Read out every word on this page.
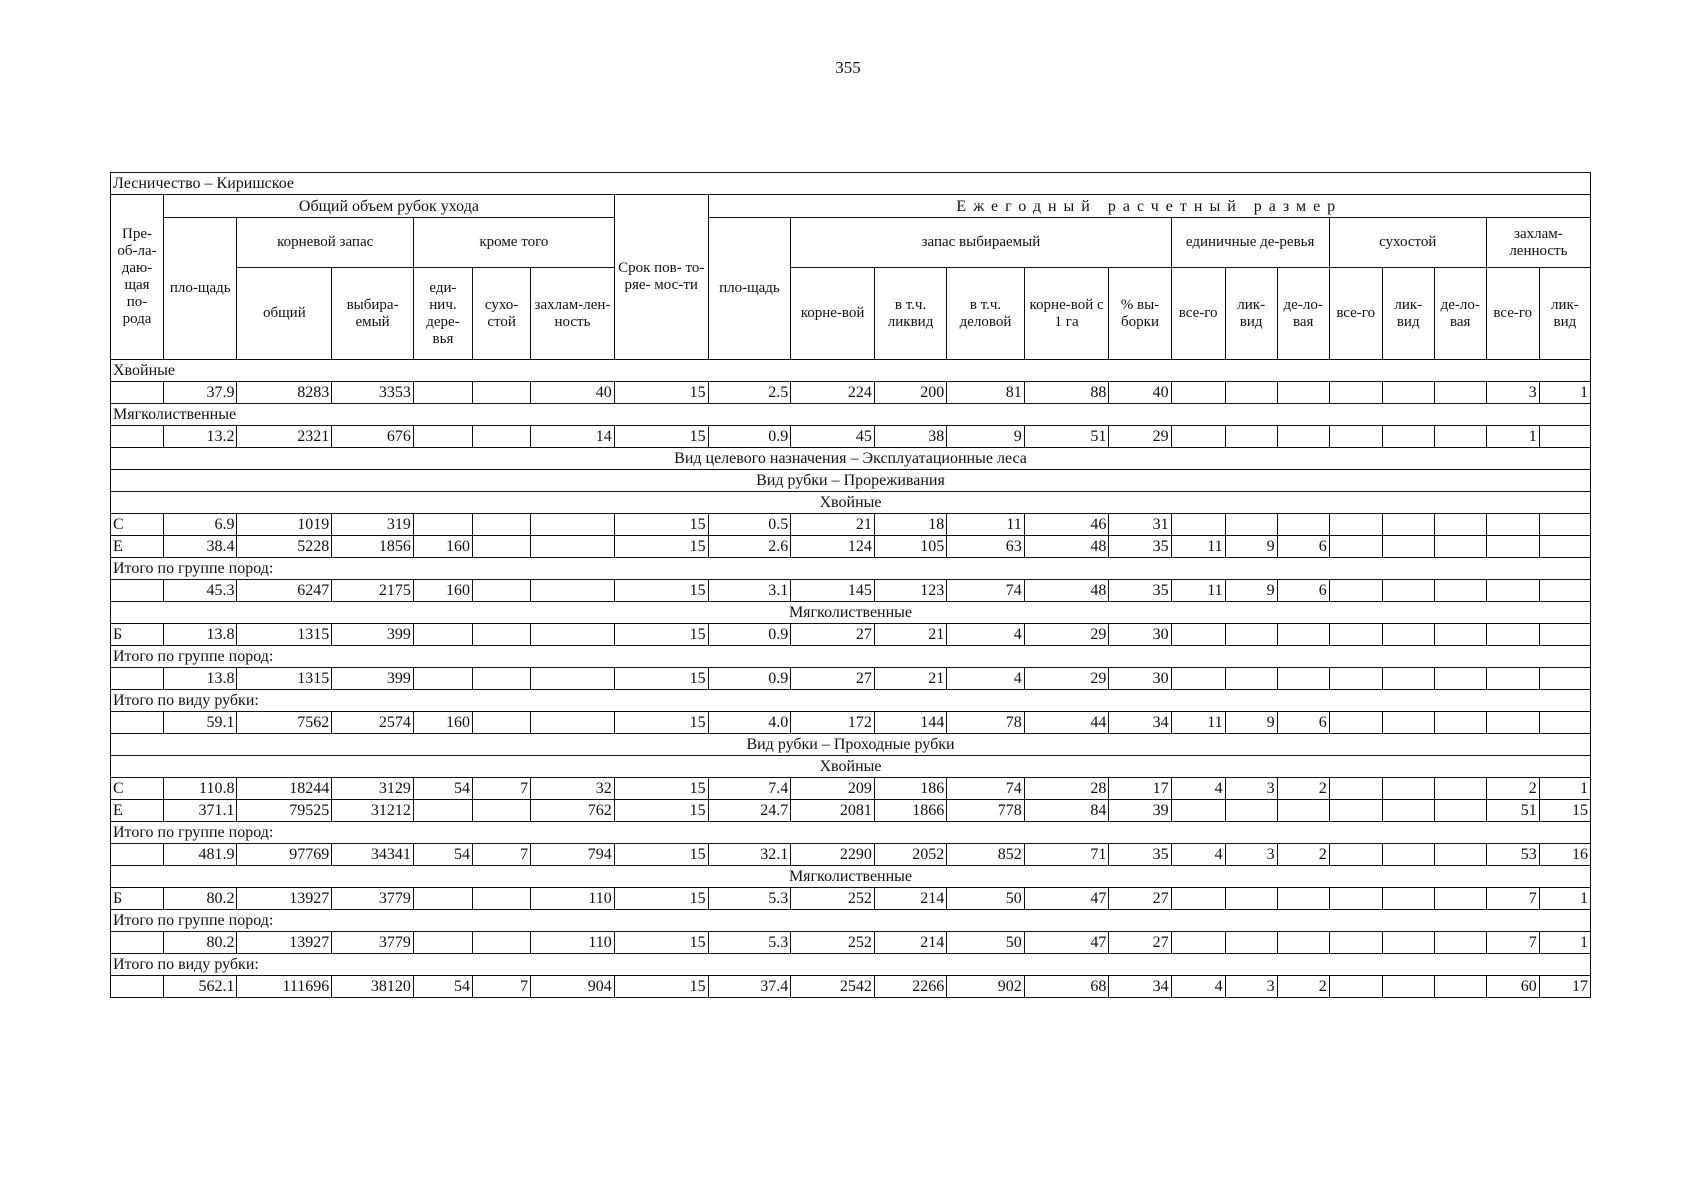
355
Лесничество – Киришское																					
Пре-об-ла-даю-щая по-рода	Общий объем рубок ухода						Срок пов- то-ряе- мос-ти	Ежегодный расчетный размер													
	пло-щадь	корневой запас		кроме того				пло-щадь	запас выбираемый					единичные де-ревья			сухостой			захлам-ленность	
		общий	выбира-емый	еди-нич. дере-вья	сухо-стой	захлам-лен-ность			корне-вой	в т.ч. ликвид	в т.ч. деловой	корне-вой с 1 га	% вы-борки	все-го	лик-вид	де-ло-вая	все-го	лик-вид	де-ло-вая	все-го	лик-вид
Хвойные																					
	37.9	8283	3353			40	15	2.5	224	200	81	88	40							3	1
Мягколиственные																					
	13.2	2321	676			14	15	0.9	45	38	9	51	29							1	
Вид целевого назначения – Эксплуатационные леса																					
Вид рубки – Прореживания																					
Хвойные																					
С	6.9	1019	319				15	0.5	21	18	11	46	31								
Е	38.4	5228	1856	160			15	2.6	124	105	63	48	35	11	9	6					
Итого по группе пород:																					
	45.3	6247	2175	160			15	3.1	145	123	74	48	35	11	9	6					
Мягколиственные																					
Б	13.8	1315	399				15	0.9	27	21	4	29	30								
Итого по группе пород:																					
	13.8	1315	399				15	0.9	27	21	4	29	30								
Итого по виду рубки:																					
	59.1	7562	2574	160			15	4.0	172	144	78	44	34	11	9	6					
Вид рубки – Проходные рубки																					
Хвойные																					
С	110.8	18244	3129	54	7	32	15	7.4	209	186	74	28	17	4	3	2				2	1
Е	371.1	79525	31212			762	15	24.7	2081	1866	778	84	39							51	15
Итого по группе пород:																					
	481.9	97769	34341	54	7	794	15	32.1	2290	2052	852	71	35	4	3	2				53	16
Мягколиственные																					
Б	80.2	13927	3779			110	15	5.3	252	214	50	47	27							7	1
Итого по группе пород:																					
	80.2	13927	3779			110	15	5.3	252	214	50	47	27							7	1
Итого по виду рубки:																					
	562.1	111696	38120	54	7	904	15	37.4	2542	2266	902	68	34	4	3	2				60	17
